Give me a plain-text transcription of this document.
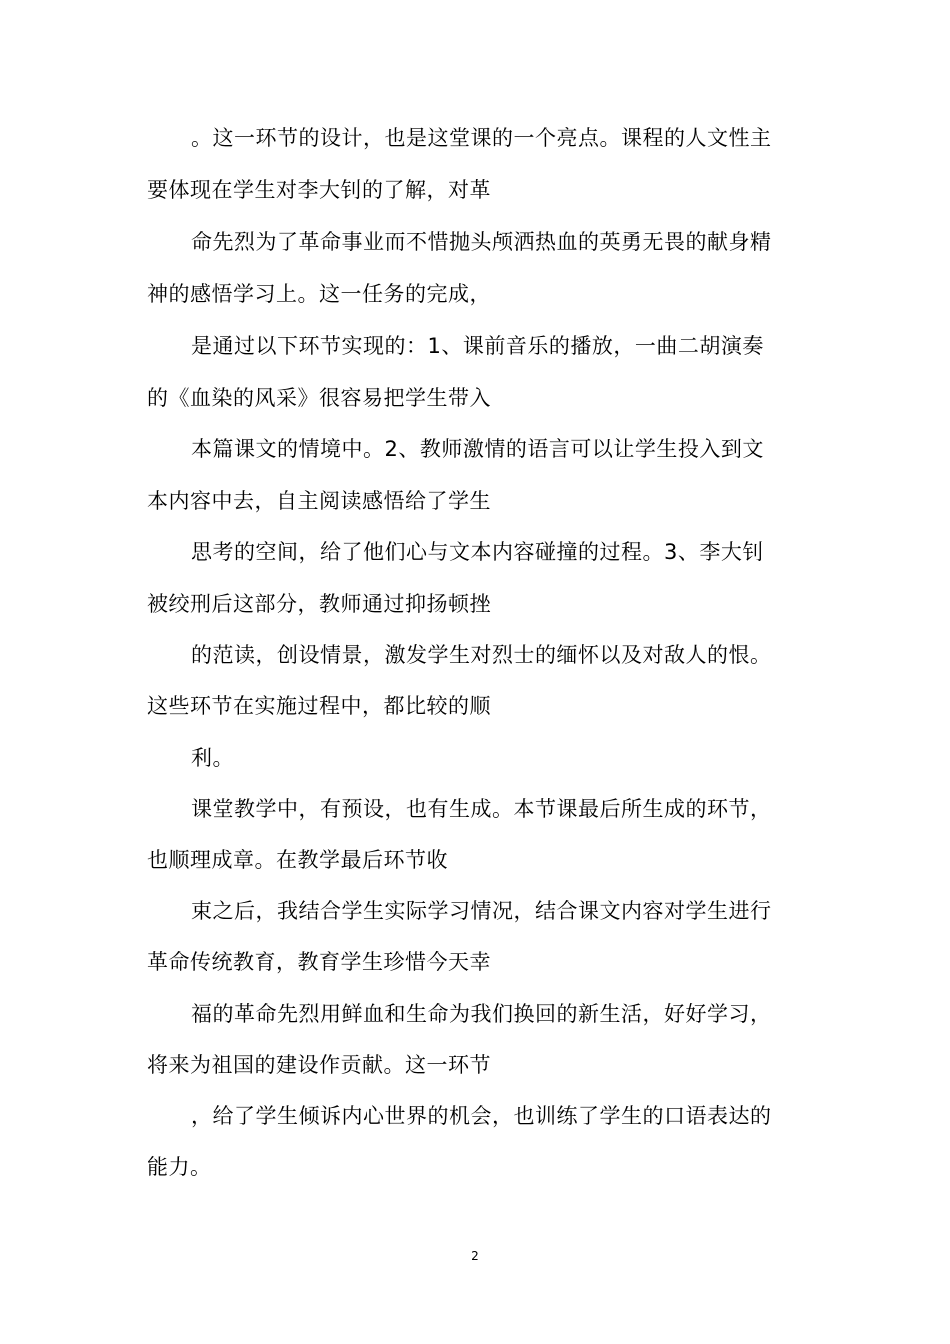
。这一环节的设计，也是这堂课的一个亮点。课程的人文性主
要体现在学生对李大钊的了解，对革
命先烈为了革命事业而不惜抛头颅洒热血的英勇无畏的献身精
神的感悟学习上。这一任务的完成，
是通过以下环节实现的：1、课前音乐的播放，一曲二胡演奏
的《血染的风采》很容易把学生带入
本篇课文的情境中。2、教师激情的语言可以让学生投入到文
本内容中去，自主阅读感悟给了学生
思考的空间，给了他们心与文本内容碰撞的过程。3、李大钊
被绞刑后这部分，教师通过抑扬顿挫
的范读，创设情景，激发学生对烈士的缅怀以及对敌人的恨。
这些环节在实施过程中，都比较的顺
利。
课堂教学中，有预设，也有生成。本节课最后所生成的环节，
也顺理成章。在教学最后环节收
束之后，我结合学生实际学习情况，结合课文内容对学生进行
革命传统教育，教育学生珍惜今天幸
福的革命先烈用鲜血和生命为我们换回的新生活，好好学习，
将来为祖国的建设作贡献。这一环节
，给了学生倾诉内心世界的机会，也训练了学生的口语表达的
能力。
2
